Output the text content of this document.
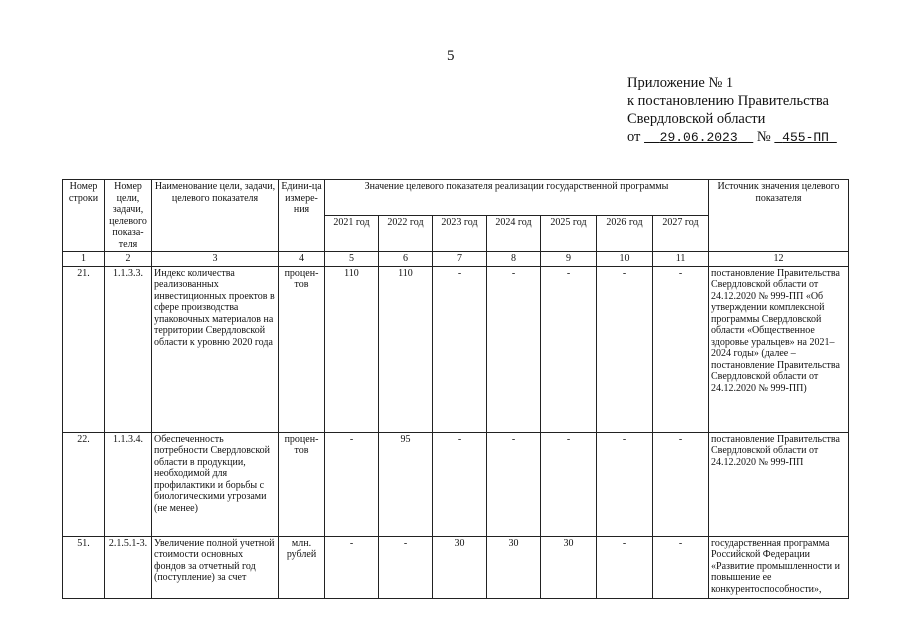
5
Приложение № 1
к постановлению Правительства
Свердловской области
от 29.06.2023 № 455-ПП
Номер строки	Номер цели, задачи, целевого показа-теля	Наименование цели, задачи, целевого показателя	Едини-ца измере-ния	Значение целевого показателя реализации государственной программы							Источник значения целевого показателя
				2021 год	2022 год	2023 год	2024 год	2025 год	2026 год	2027 год	
1	2	3	4	5	6	7	8	9	10	11	12
21.	1.1.3.3.	Индекс количества реализованных инвестиционных проектов в сфере производства упаковочных материалов на территории Свердловской области к уровню 2020 года	процен-тов	110	110	-	-	-	-	-	постановление Правительства Свердловской области от 24.12.2020 № 999-ПП «Об утверждении комплексной программы Свердловской области «Общественное здоровье уральцев» на 2021–2024 годы» (далее – постановление Правительства Свердловской области от 24.12.2020 № 999-ПП)
22.	1.1.3.4.	Обеспеченность потребности Свердловской области в продукции, необходимой для профилактики и борьбы с биологическими угрозами (не менее)	процен-тов	-	95	-	-	-	-	-	постановление Правительства Свердловской области от 24.12.2020 № 999-ПП
51.	2.1.5.1-3.	Увеличение полной учетной стоимости основных фондов за отчетный год (поступление) за счет	млн. рублей	-	-	30	30	30	-	-	государственная программа Российской Федерации «Развитие промышленности и повышение ее конкурентоспособности»,
